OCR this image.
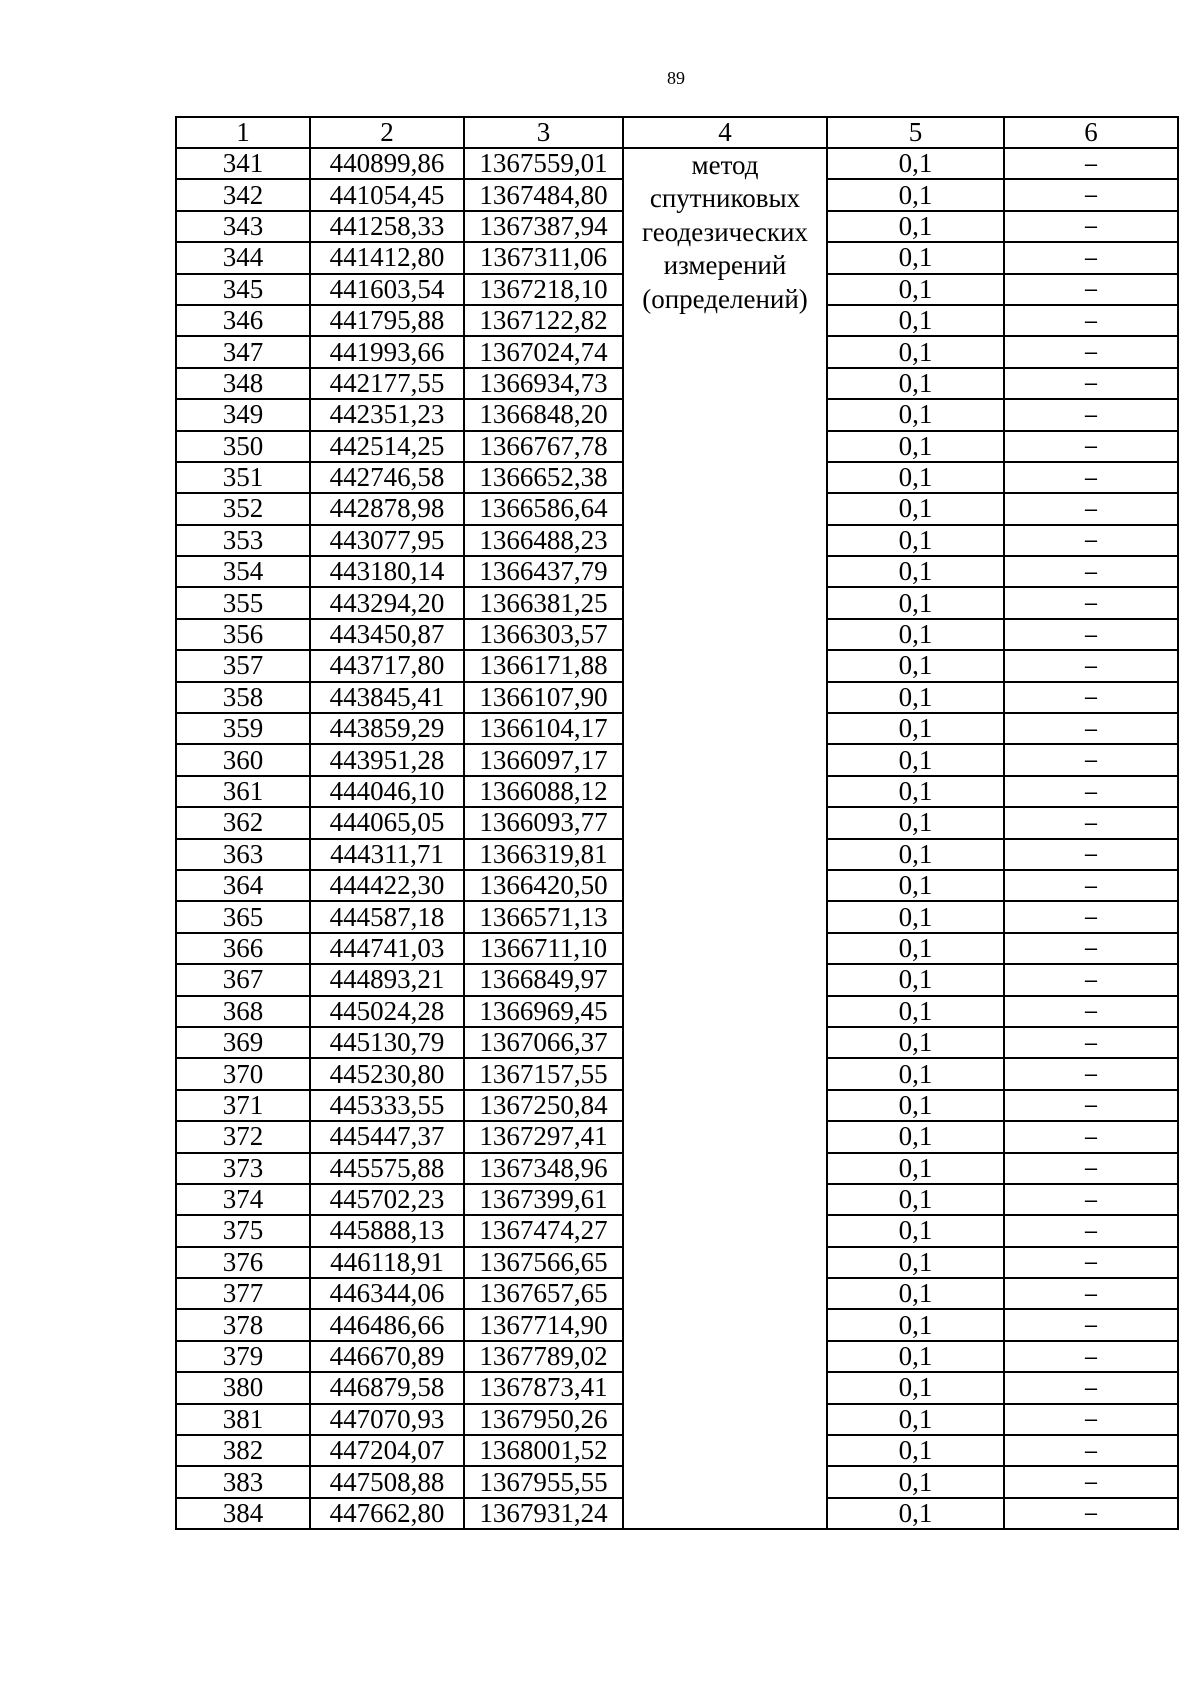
89
1	2	3	4	5	6
341	440899,86	1367559,01	метод
спутниковых
геодезических
измерений
(определений)	0,1	–
342	441054,45	1367484,80		0,1	–
343	441258,33	1367387,94		0,1	–
344	441412,80	1367311,06		0,1	–
345	441603,54	1367218,10		0,1	–
346	441795,88	1367122,82		0,1	–
347	441993,66	1367024,74		0,1	–
348	442177,55	1366934,73		0,1	–
349	442351,23	1366848,20		0,1	–
350	442514,25	1366767,78		0,1	–
351	442746,58	1366652,38		0,1	–
352	442878,98	1366586,64		0,1	–
353	443077,95	1366488,23		0,1	–
354	443180,14	1366437,79		0,1	–
355	443294,20	1366381,25		0,1	–
356	443450,87	1366303,57		0,1	–
357	443717,80	1366171,88		0,1	–
358	443845,41	1366107,90		0,1	–
359	443859,29	1366104,17		0,1	–
360	443951,28	1366097,17		0,1	–
361	444046,10	1366088,12		0,1	–
362	444065,05	1366093,77		0,1	–
363	444311,71	1366319,81		0,1	–
364	444422,30	1366420,50		0,1	–
365	444587,18	1366571,13		0,1	–
366	444741,03	1366711,10		0,1	–
367	444893,21	1366849,97		0,1	–
368	445024,28	1366969,45		0,1	–
369	445130,79	1367066,37		0,1	–
370	445230,80	1367157,55		0,1	–
371	445333,55	1367250,84		0,1	–
372	445447,37	1367297,41		0,1	–
373	445575,88	1367348,96		0,1	–
374	445702,23	1367399,61		0,1	–
375	445888,13	1367474,27		0,1	–
376	446118,91	1367566,65		0,1	–
377	446344,06	1367657,65		0,1	–
378	446486,66	1367714,90		0,1	–
379	446670,89	1367789,02		0,1	–
380	446879,58	1367873,41		0,1	–
381	447070,93	1367950,26		0,1	–
382	447204,07	1368001,52		0,1	–
383	447508,88	1367955,55		0,1	–
384	447662,80	1367931,24		0,1	–
